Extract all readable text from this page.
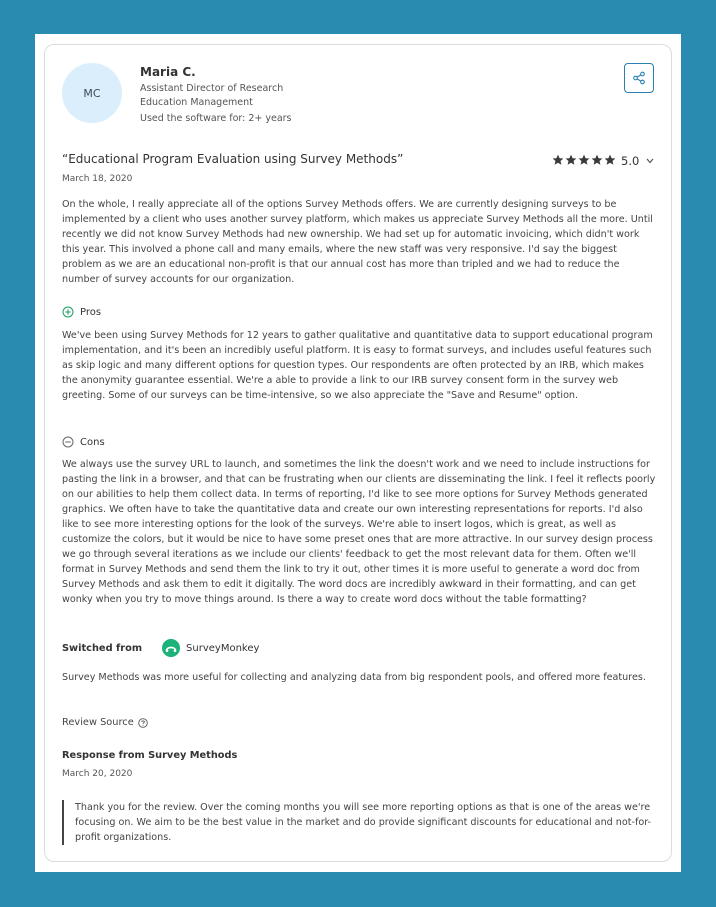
MC
Maria C.
Assistant Director of Research
Education Management
Used the software for: 2+ years
“Educational Program Evaluation using Survey Methods”	5.0
March 18, 2020
On the whole, I really appreciate all of the options Survey Methods offers. We are currently designing surveys to be implemented by a client who uses another survey platform, which makes us appreciate Survey Methods all the more. Until recently we did not know Survey Methods had new ownership. We had set up for automatic invoicing, which didn't work this year. This involved a phone call and many emails, where the new staff was very responsive. I'd say the biggest problem as we are an educational non-profit is that our annual cost has more than tripled and we had to reduce the number of survey accounts for our organization.
Pros
We've been using Survey Methods for 12 years to gather qualitative and quantitative data to support educational program implementation, and it's been an incredibly useful platform. It is easy to format surveys, and includes useful features such as skip logic and many different options for question types. Our respondents are often protected by an IRB, which makes the anonymity guarantee essential. We're a able to provide a link to our IRB survey consent form in the survey web greeting. Some of our surveys can be time-intensive, so we also appreciate the "Save and Resume" option.
Cons
We always use the survey URL to launch, and sometimes the link the doesn't work and we need to include instructions for pasting the link in a browser, and that can be frustrating when our clients are disseminating the link. I feel it reflects poorly on our abilities to help them collect data. In terms of reporting, I'd like to see more options for Survey Methods generated graphics. We often have to take the quantitative data and create our own interesting representations for reports. I'd also like to see more interesting options for the look of the surveys. We're able to insert logos, which is great, as well as customize the colors, but it would be nice to have some preset ones that are more attractive. In our survey design process we go through several iterations as we include our clients' feedback to get the most relevant data for them. Often we'll format in Survey Methods and send them the link to try it out, other times it is more useful to generate a word doc from Survey Methods and ask them to edit it digitally. The word docs are incredibly awkward in their formatting, and can get wonky when you try to move things around. Is there a way to create word docs without the table formatting?
Switched from	SurveyMonkey
Survey Methods was more useful for collecting and analyzing data from big respondent pools, and offered more features.
Review Source
Response from Survey Methods
March 20, 2020
Thank you for the review. Over the coming months you will see more reporting options as that is one of the areas we're focusing on. We aim to be the best value in the market and do provide significant discounts for educational and not-for-profit organizations.
